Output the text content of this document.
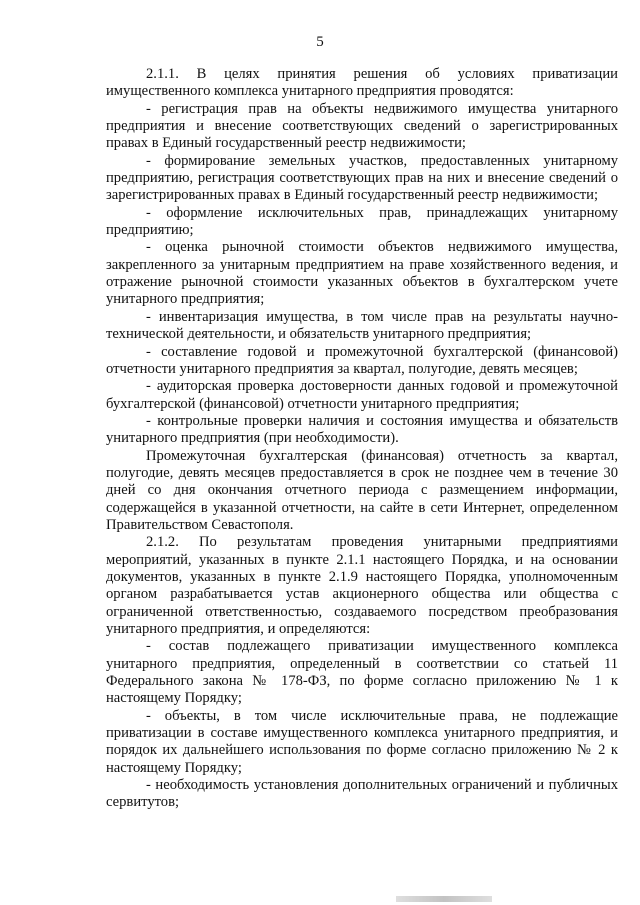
5

2.1.1. В целях принятия решения об условиях приватизации имущественного комплекса унитарного предприятия проводятся:

- регистрация прав на объекты недвижимого имущества унитарного предприятия и внесение соответствующих сведений о зарегистрированных правах в Единый государственный реестр недвижимости;

- формирование земельных участков, предоставленных унитарному предприятию, регистрация соответствующих прав на них и внесение сведений о зарегистрированных правах в Единый государственный реестр недвижимости;

- оформление исключительных прав, принадлежащих унитарному предприятию;

- оценка рыночной стоимости объектов недвижимого имущества, закрепленного за унитарным предприятием на праве хозяйственного ведения, и отражение рыночной стоимости указанных объектов в бухгалтерском учете унитарного предприятия;

- инвентаризация имущества, в том числе прав на результаты научно-технической деятельности, и обязательств унитарного предприятия;

- составление годовой и промежуточной бухгалтерской (финансовой) отчетности унитарного предприятия за квартал, полугодие, девять месяцев;

- аудиторская проверка достоверности данных годовой и промежуточной бухгалтерской (финансовой) отчетности унитарного предприятия;

- контрольные проверки наличия и состояния имущества и обязательств унитарного предприятия (при необходимости).

Промежуточная бухгалтерская (финансовая) отчетность за квартал, полугодие, девять месяцев предоставляется в срок не позднее чем в течение 30 дней со дня окончания отчетного периода с размещением информации, содержащейся в указанной отчетности, на сайте в сети Интернет, определенном Правительством Севастополя.

2.1.2. По результатам проведения унитарными предприятиями мероприятий, указанных в пункте 2.1.1 настоящего Порядка, и на основании документов, указанных в пункте 2.1.9 настоящего Порядка, уполномоченным органом разрабатывается устав акционерного общества или общества с ограниченной ответственностью, создаваемого посредством преобразования унитарного предприятия, и определяются:

- состав подлежащего приватизации имущественного комплекса унитарного предприятия, определенный в соответствии со статьей 11 Федерального закона № 178-ФЗ, по форме согласно приложению № 1 к настоящему Порядку;

- объекты, в том числе исключительные права, не подлежащие приватизации в составе имущественного комплекса унитарного предприятия, и порядок их дальнейшего использования по форме согласно приложению № 2 к настоящему Порядку;

- необходимость установления дополнительных ограничений и публичных сервитутов;
